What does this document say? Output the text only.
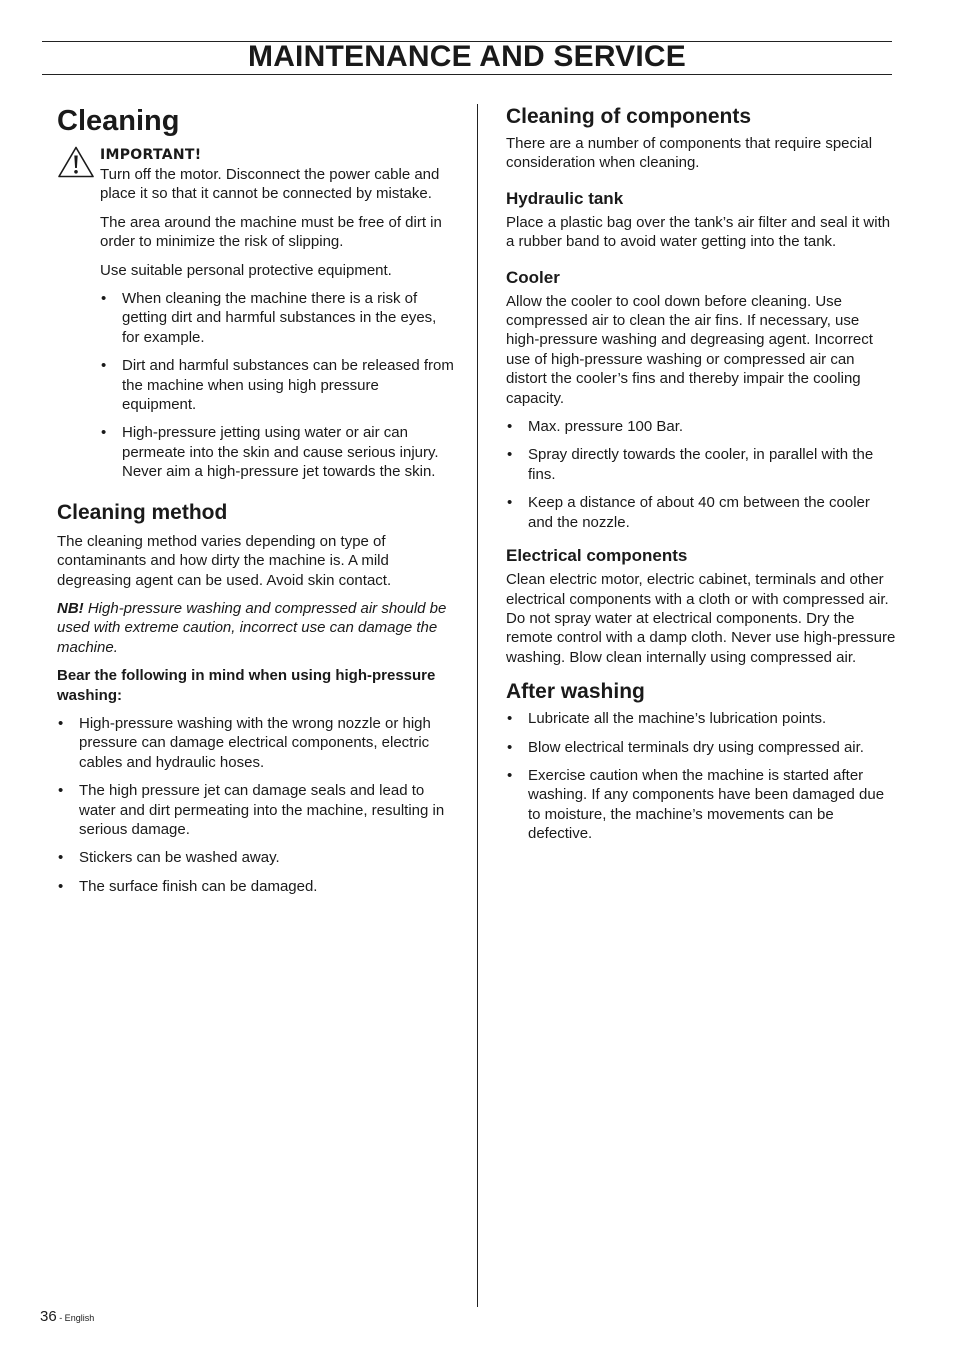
MAINTENANCE AND SERVICE
Cleaning
IMPORTANT!

Turn off the motor. Disconnect the power cable and place it so that it cannot be connected by mistake.

The area around the machine must be free of dirt in order to minimize the risk of slipping.

Use suitable personal protective equipment.

• When cleaning the machine there is a risk of getting dirt and harmful substances in the eyes, for example.
• Dirt and harmful substances can be released from the machine when using high pressure equipment.
• High-pressure jetting using water or air can permeate into the skin and cause serious injury. Never aim a high-pressure jet towards the skin.
Cleaning method

The cleaning method varies depending on type of contaminants and how dirty the machine is. A mild degreasing agent can be used. Avoid skin contact.

NB! High-pressure washing and compressed air should be used with extreme caution, incorrect use can damage the machine.

Bear the following in mind when using high-pressure washing:

• High-pressure washing with the wrong nozzle or high pressure can damage electrical components, electric cables and hydraulic hoses.
• The high pressure jet can damage seals and lead to water and dirt permeating into the machine, resulting in serious damage.
• Stickers can be washed away.
• The surface finish can be damaged.
Cleaning of components

There are a number of components that require special consideration when cleaning.

Hydraulic tank

Place a plastic bag over the tank’s air filter and seal it with a rubber band to avoid water getting into the tank.

Cooler

Allow the cooler to cool down before cleaning. Use compressed air to clean the air fins. If necessary, use high-pressure washing and degreasing agent. Incorrect use of high-pressure washing or compressed air can distort the cooler’s fins and thereby impair the cooling capacity.

• Max. pressure 100 Bar.
• Spray directly towards the cooler, in parallel with the fins.
• Keep a distance of about 40 cm between the cooler and the nozzle.
Electrical components

Clean electric motor, electric cabinet, terminals and other electrical components with a cloth or with compressed air. Do not spray water at electrical components. Dry the remote control with a damp cloth. Never use high-pressure washing. Blow clean internally using compressed air.

After washing
• Lubricate all the machine’s lubrication points.
• Blow electrical terminals dry using compressed air.
• Exercise caution when the machine is started after washing. If any components have been damaged due to moisture, the machine’s movements can be defective.
36 - English
